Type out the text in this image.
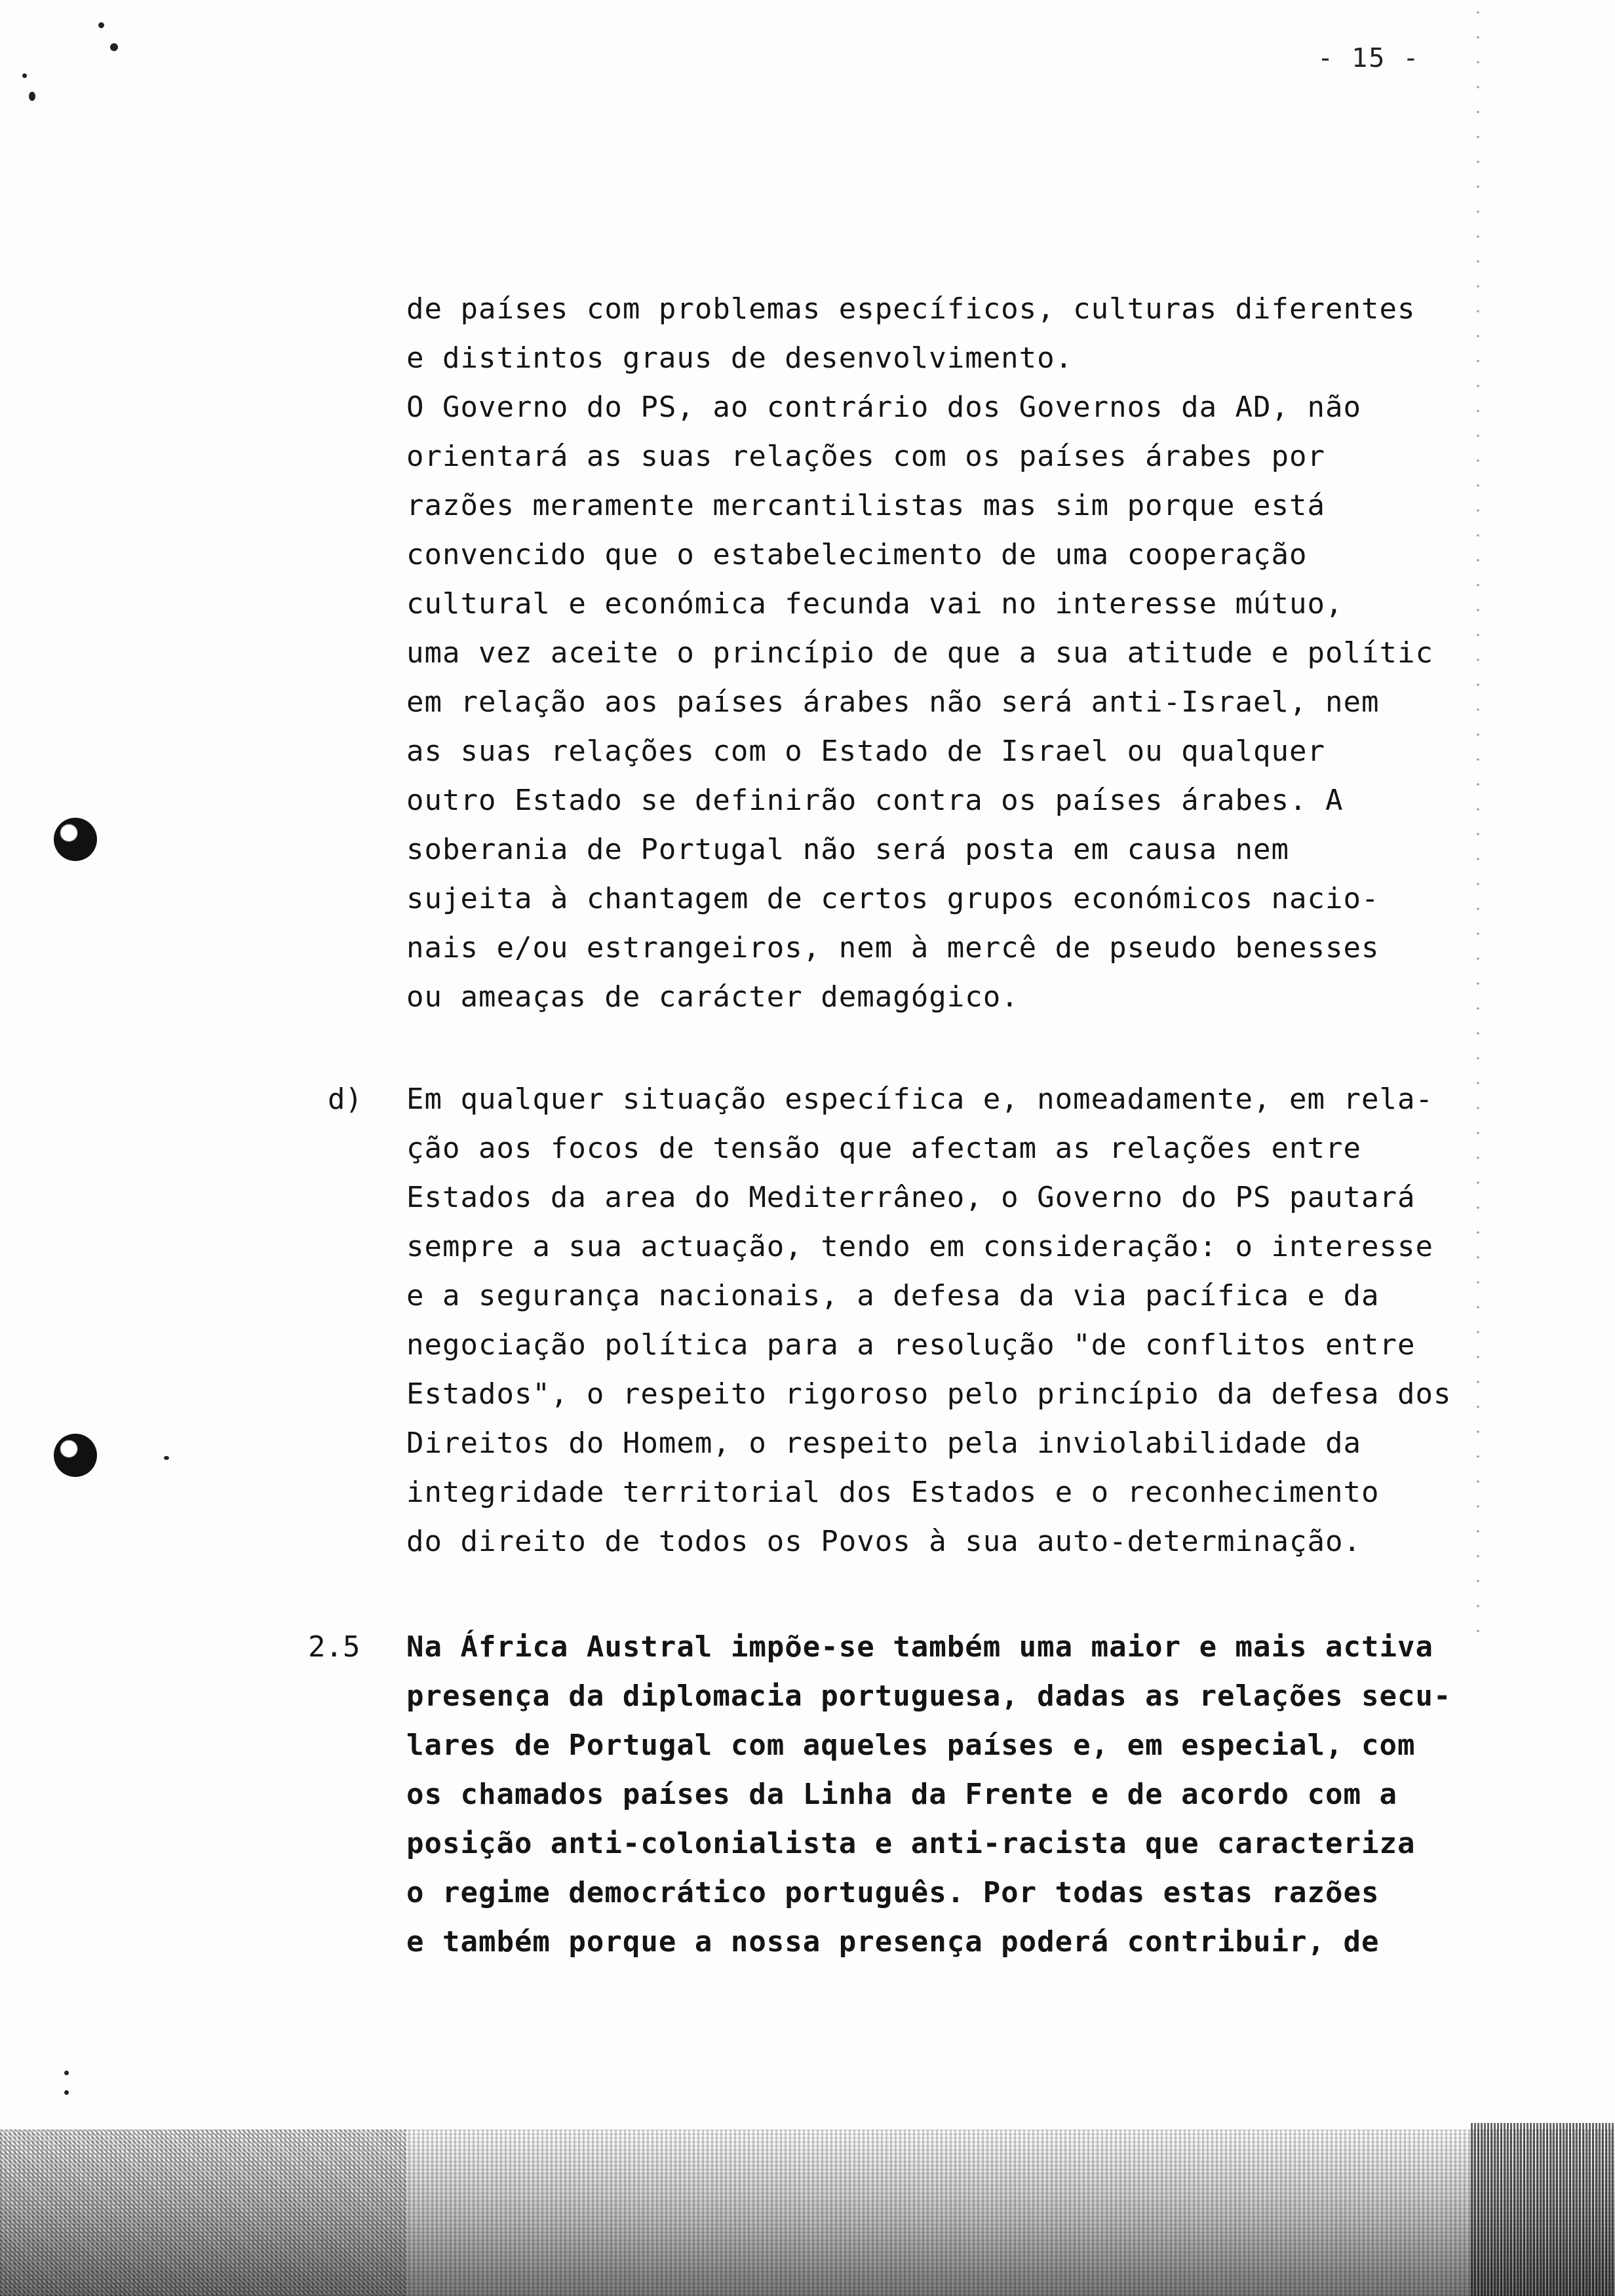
- 15 -
de países com problemas específicos, culturas diferentes
e distintos graus de desenvolvimento.
O Governo do PS, ao contrário dos Governos da AD, não
orientará as suas relações com os países árabes por
razões meramente mercantilistas mas sim porque está
convencido que o estabelecimento de uma cooperação
cultural e económica fecunda vai no interesse mútuo,
uma vez aceite o princípio de que a sua atitude e polític
em relação aos países árabes não será anti-Israel, nem
as suas relações com o Estado de Israel ou qualquer
outro Estado se definirão contra os países árabes. A
soberania de Portugal não será posta em causa nem
sujeita à chantagem de certos grupos económicos nacio-
nais e/ou estrangeiros, nem à mercê de pseudo benesses
ou ameaças de carácter demagógico.
d) Em qualquer situação específica e, nomeadamente, em rela-
ção aos focos de tensão que afectam as relações entre
Estados da area do Mediterrâneo, o Governo do PS pautará
sempre a sua actuação, tendo em consideração: o interesse
e a segurança nacionais, a defesa da via pacífica e da
negociação política para a resolução "de conflitos entre
Estados", o respeito rigoroso pelo princípio da defesa dos
Direitos do Homem, o respeito pela inviolabilidade da
integridade territorial dos Estados e o reconhecimento
do direito de todos os Povos à sua auto-determinação.
2.5 Na África Austral impõe-se também uma maior e mais activa
presença da diplomacia portuguesa, dadas as relações secu-
lares de Portugal com aqueles países e, em especial, com
os chamados países da Linha da Frente e de acordo com a
posição anti-colonialista e anti-racista que caracteriza
o regime democrático português. Por todas estas razões
e também porque a nossa presença poderá contribuir, de
